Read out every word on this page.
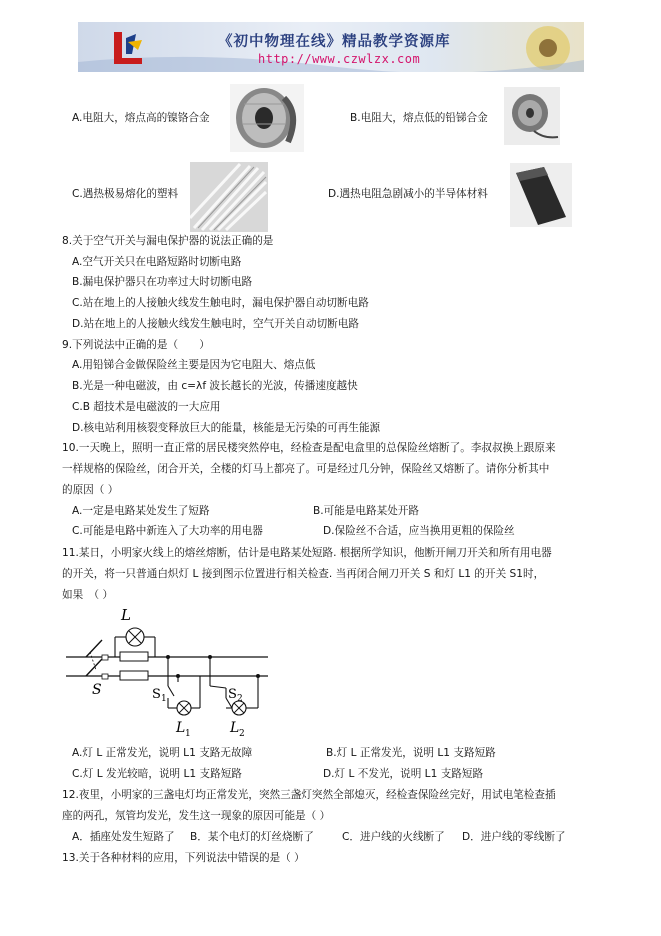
《初中物理在线》精品教学资源库
http://www.czwlzx.com
A.电阻大，熔点高的镍铬合金	B.电阻大，熔点低的铅锑合金
C.遇热极易熔化的塑料	D.遇热电阻急剧减小的半导体材料
8.关于空气开关与漏电保护器的说法正确的是
A.空气开关只在电路短路时切断电路
B.漏电保护器只在功率过大时切断电路
C.站在地上的人接触火线发生触电时，漏电保护器自动切断电路
D.站在地上的人接触火线发生触电时，空气开关自动切断电路
9.下列说法中正确的是（　　）
A.用铅锑合金做保险丝主要是因为它电阻大、熔点低
B.光是一种电磁波，由 c=λf 波长越长的光波，传播速度越快
C.B 超技术是电磁波的一大应用
D.核电站利用核裂变释放巨大的能量，核能是无污染的可再生能源
10.一天晚上，照明一直正常的居民楼突然停电，经检查是配电盒里的总保险丝熔断了。李叔叔换上跟原来
一样规格的保险丝，闭合开关，全楼的灯马上都亮了。可是经过几分钟，保险丝又熔断了。请你分析其中
的原因（ ）
A.一定是电路某处发生了短路	B.可能是电路某处开路
C.可能是电路中新连入了大功率的用电器	D.保险丝不合适，应当换用更粗的保险丝
11.某日，小明家火线上的熔丝熔断，估计是电路某处短路. 根据所学知识，他断开闸刀开关和所有用电器
的开关，将一只普通白炽灯 L 接到图示位置进行相关检查. 当再闭合闸刀开关 S 和灯 L1 的开关 S1时，
如果　（ ）
S
L
S 1
L 1
S 2
L 2
A.灯 L 正常发光，说明 L1 支路无故障	B.灯 L 正常发光，说明 L1 支路短路
C.灯 L 发光较暗，说明 L1 支路短路	D.灯 L 不发光，说明 L1 支路短路
12.夜里，小明家的三盏电灯均正常发光，突然三盏灯突然全部熄灭，经检查保险丝完好，用试电笔检查插
座的两孔，氖管均发光，发生这一现象的原因可能是（ ）
A．插座处发生短路了 B．某个电灯的灯丝烧断了	C．进户线的火线断了 D．进户线的零线断了
13.关于各种材料的应用，下列说法中错误的是（ ）
